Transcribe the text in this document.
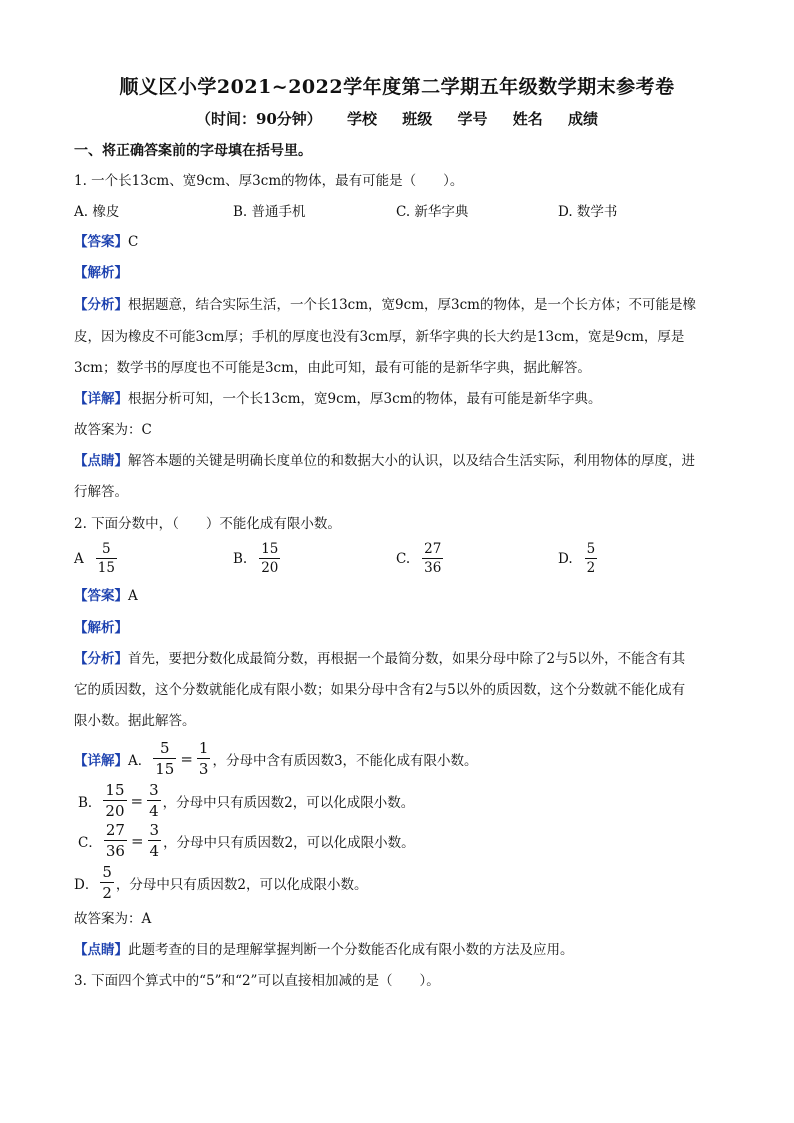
顺义区小学2021~2022学年度第二学期五年级数学期末参考卷
（时间：90分钟） 学校 班级 学号 姓名 成绩
一、将正确答案前的字母填在括号里。
1. 一个长13cm、宽9cm、厚3cm的物体，最有可能是（　　）。
A. 橡皮	B. 普通手机	C. 新华字典	D. 数学书
【答案】C
【解析】
【分析】根据题意，结合实际生活，一个长13cm，宽9cm，厚3cm的物体，是一个长方体；不可能是橡
皮，因为橡皮不可能3cm厚；手机的厚度也没有3cm厚，新华字典的长大约是13cm，宽是9cm，厚是
3cm；数学书的厚度也不可能是3cm，由此可知，最有可能的是新华字典，据此解答。
【详解】根据分析可知，一个长13cm，宽9cm，厚3cm的物体，最有可能是新华字典。
故答案为：C
【点睛】解答本题的关键是明确长度单位的和数据大小的认识，以及结合生活实际，利用物体的厚度，进
行解答。
2. 下面分数中，（　　）不能化成有限小数。
A $\frac{5}{15}$	B. $\frac{15}{20}$	C. $\frac{27}{36}$	D. $\frac{5}{2}$
【答案】A
【解析】
【分析】首先，要把分数化成最简分数，再根据一个最简分数，如果分母中除了2与5以外，不能含有其
它的质因数，这个分数就能化成有限小数；如果分母中含有2与5以外的质因数，这个分数就不能化成有
限小数。据此解答。
【详解】 A． $\frac{5}{15} = \frac{1}{3}$ ，分母中含有质因数3，不能化成有限小数。
B． $\frac{15}{20} = \frac{3}{4}$ ，分母中只有质因数2，可以化成限小数。
C． $\frac{27}{36} = \frac{3}{4}$ ，分母中只有质因数2，可以化成限小数。
D． $\frac{5}{2}$ ，分母中只有质因数2，可以化成限小数。
故答案为：A
【点睛】此题考查的目的是理解掌握判断一个分数能否化成有限小数的方法及应用。
3. 下面四个算式中的“5”和“2”可以直接相加减的是（　　）。
